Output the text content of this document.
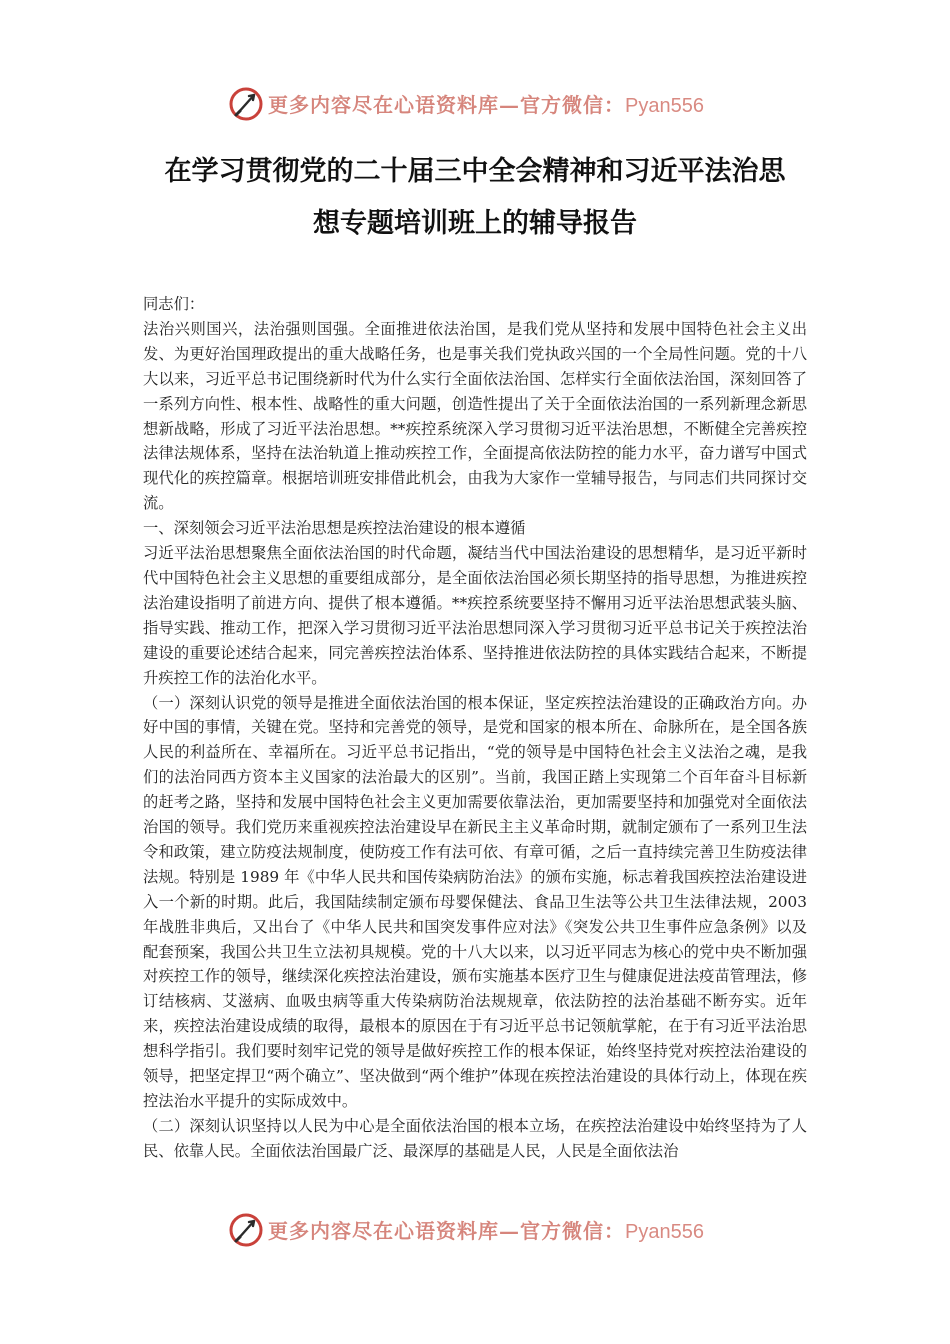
更多内容尽在心语资料库—官方微信：Pyan556
在学习贯彻党的二十届三中全会精神和习近平法治思
想专题培训班上的辅导报告

同志们：

法治兴则国兴，法治强则国强。全面推进依法治国，是我们党从坚持和发展中国特色社会主义出发、为更好治国理政提出的重大战略任务，也是事关我们党执政兴国的一个全局性问题。党的十八大以来，习近平总书记围绕新时代为什么实行全面依法治国、怎样实行全面依法治国，深刻回答了一系列方向性、根本性、战略性的重大问题，创造性提出了关于全面依法治国的一系列新理念新思想新战略，形成了习近平法治思想。**疾控系统深入学习贯彻习近平法治思想，不断健全完善疾控法律法规体系，坚持在法治轨道上推动疾控工作，全面提高依法防控的能力水平，奋力谱写中国式现代化的疾控篇章。根据培训班安排借此机会，由我为大家作一堂辅导报告，与同志们共同探讨交流。

一、深刻领会习近平法治思想是疾控法治建设的根本遵循

习近平法治思想聚焦全面依法治国的时代命题，凝结当代中国法治建设的思想精华，是习近平新时代中国特色社会主义思想的重要组成部分，是全面依法治国必须长期坚持的指导思想，为推进疾控法治建设指明了前进方向、提供了根本遵循。**疾控系统要坚持不懈用习近平法治思想武装头脑、指导实践、推动工作，把深入学习贯彻习近平法治思想同深入学习贯彻习近平总书记关于疾控法治建设的重要论述结合起来，同完善疾控法治体系、坚持推进依法防控的具体实践结合起来，不断提升疾控工作的法治化水平。

（一）深刻认识党的领导是推进全面依法治国的根本保证，坚定疾控法治建设的正确政治方向。办好中国的事情，关键在党。坚持和完善党的领导，是党和国家的根本所在、命脉所在，是全国各族人民的利益所在、幸福所在。习近平总书记指出，“党的领导是中国特色社会主义法治之魂，是我们的法治同西方资本主义国家的法治最大的区别”。当前，我国正踏上实现第二个百年奋斗目标新的赶考之路，坚持和发展中国特色社会主义更加需要依靠法治，更加需要坚持和加强党对全面依法治国的领导。我们党历来重视疾控法治建设早在新民主主义革命时期，就制定颁布了一系列卫生法令和政策，建立防疫法规制度，使防疫工作有法可依、有章可循，之后一直持续完善卫生防疫法律法规。特别是 1989 年《中华人民共和国传染病防治法》的颁布实施，标志着我国疾控法治建设进入一个新的时期。此后，我国陆续制定颁布母婴保健法、食品卫生法等公共卫生法律法规，2003 年战胜非典后，又出台了《中华人民共和国突发事件应对法》《突发公共卫生事件应急条例》以及配套预案，我国公共卫生立法初具规模。党的十八大以来，以习近平同志为核心的党中央不断加强对疾控工作的领导，继续深化疾控法治建设，颁布实施基本医疗卫生与健康促进法疫苗管理法，修订结核病、艾滋病、血吸虫病等重大传染病防治法规规章，依法防控的法治基础不断夯实。近年来，疾控法治建设成绩的取得，最根本的原因在于有习近平总书记领航掌舵，在于有习近平法治思想科学指引。我们要时刻牢记党的领导是做好疾控工作的根本保证，始终坚持党对疾控法治建设的领导，把坚定捍卫“两个确立”、坚决做到“两个维护”体现在疾控法治建设的具体行动上，体现在疾控法治水平提升的实际成效中。

（二）深刻认识坚持以人民为中心是全面依法治国的根本立场，在疾控法治建设中始终坚持为了人民、依靠人民。全面依法治国最广泛、最深厚的基础是人民，人民是全面依法治

更多内容尽在心语资料库—官方微信：Pyan556
